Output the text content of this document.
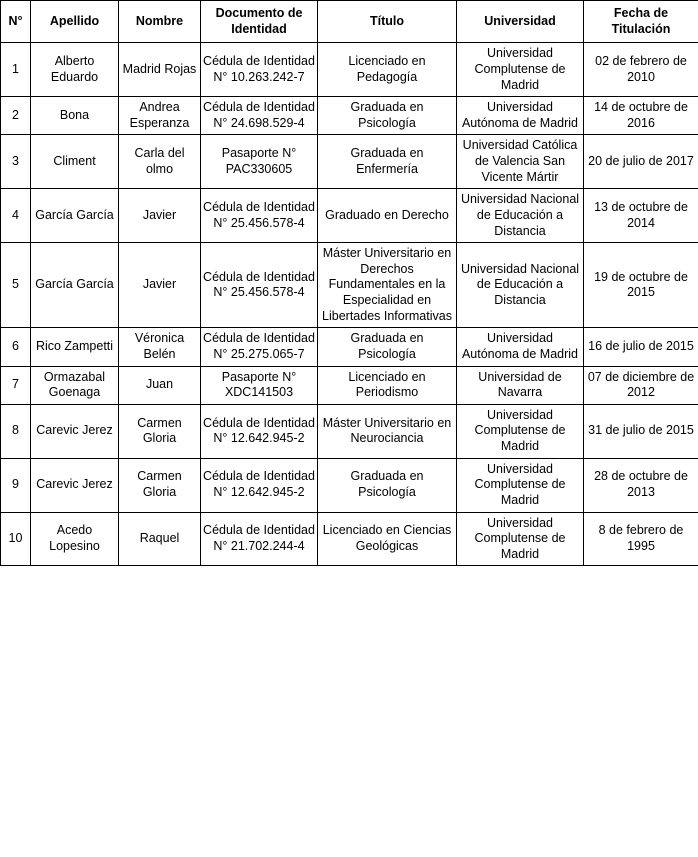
N°	Apellido	Nombre	Documento de Identidad	Título	Universidad	Fecha de Titulación
1	Alberto Eduardo	Madrid Rojas	Cédula de Identidad N° 10.263.242-7	Licenciado en Pedagogía	Universidad Complutense de Madrid	02 de febrero de 2010
2	Bona	Andrea Esperanza	Cédula de Identidad N° 24.698.529-4	Graduada en Psicología	Universidad Autónoma de Madrid	14 de octubre de 2016
3	Climent	Carla del olmo	Pasaporte N° PAC330605	Graduada en Enfermería	Universidad Católica de Valencia San Vicente Mártir	20 de julio de 2017
4	García García	Javier	Cédula de Identidad N° 25.456.578-4	Graduado en Derecho	Universidad Nacional de Educación a Distancia	13 de octubre de 2014
5	García García	Javier	Cédula de Identidad N° 25.456.578-4	Máster Universitario en Derechos Fundamentales en la Especialidad en Libertades Informativas	Universidad Nacional de Educación a Distancia	19 de octubre de 2015
6	Rico Zampetti	Véronica Belén	Cédula de Identidad N° 25.275.065-7	Graduada en Psicología	Universidad Autónoma de Madrid	16 de julio de 2015
7	Ormazabal Goenaga	Juan	Pasaporte N° XDC141503	Licenciado en Periodismo	Universidad de Navarra	07 de diciembre de 2012
8	Carevic Jerez	Carmen Gloria	Cédula de Identidad N° 12.642.945-2	Máster Universitario en Neurociancia	Universidad Complutense de Madrid	31 de julio de 2015
9	Carevic Jerez	Carmen Gloria	Cédula de Identidad N° 12.642.945-2	Graduada en Psicología	Universidad Complutense de Madrid	28 de octubre de 2013
10	Acedo Lopesino	Raquel	Cédula de Identidad N° 21.702.244-4	Licenciado en Ciencias Geológicas	Universidad Complutense de Madrid	8 de febrero de 1995
